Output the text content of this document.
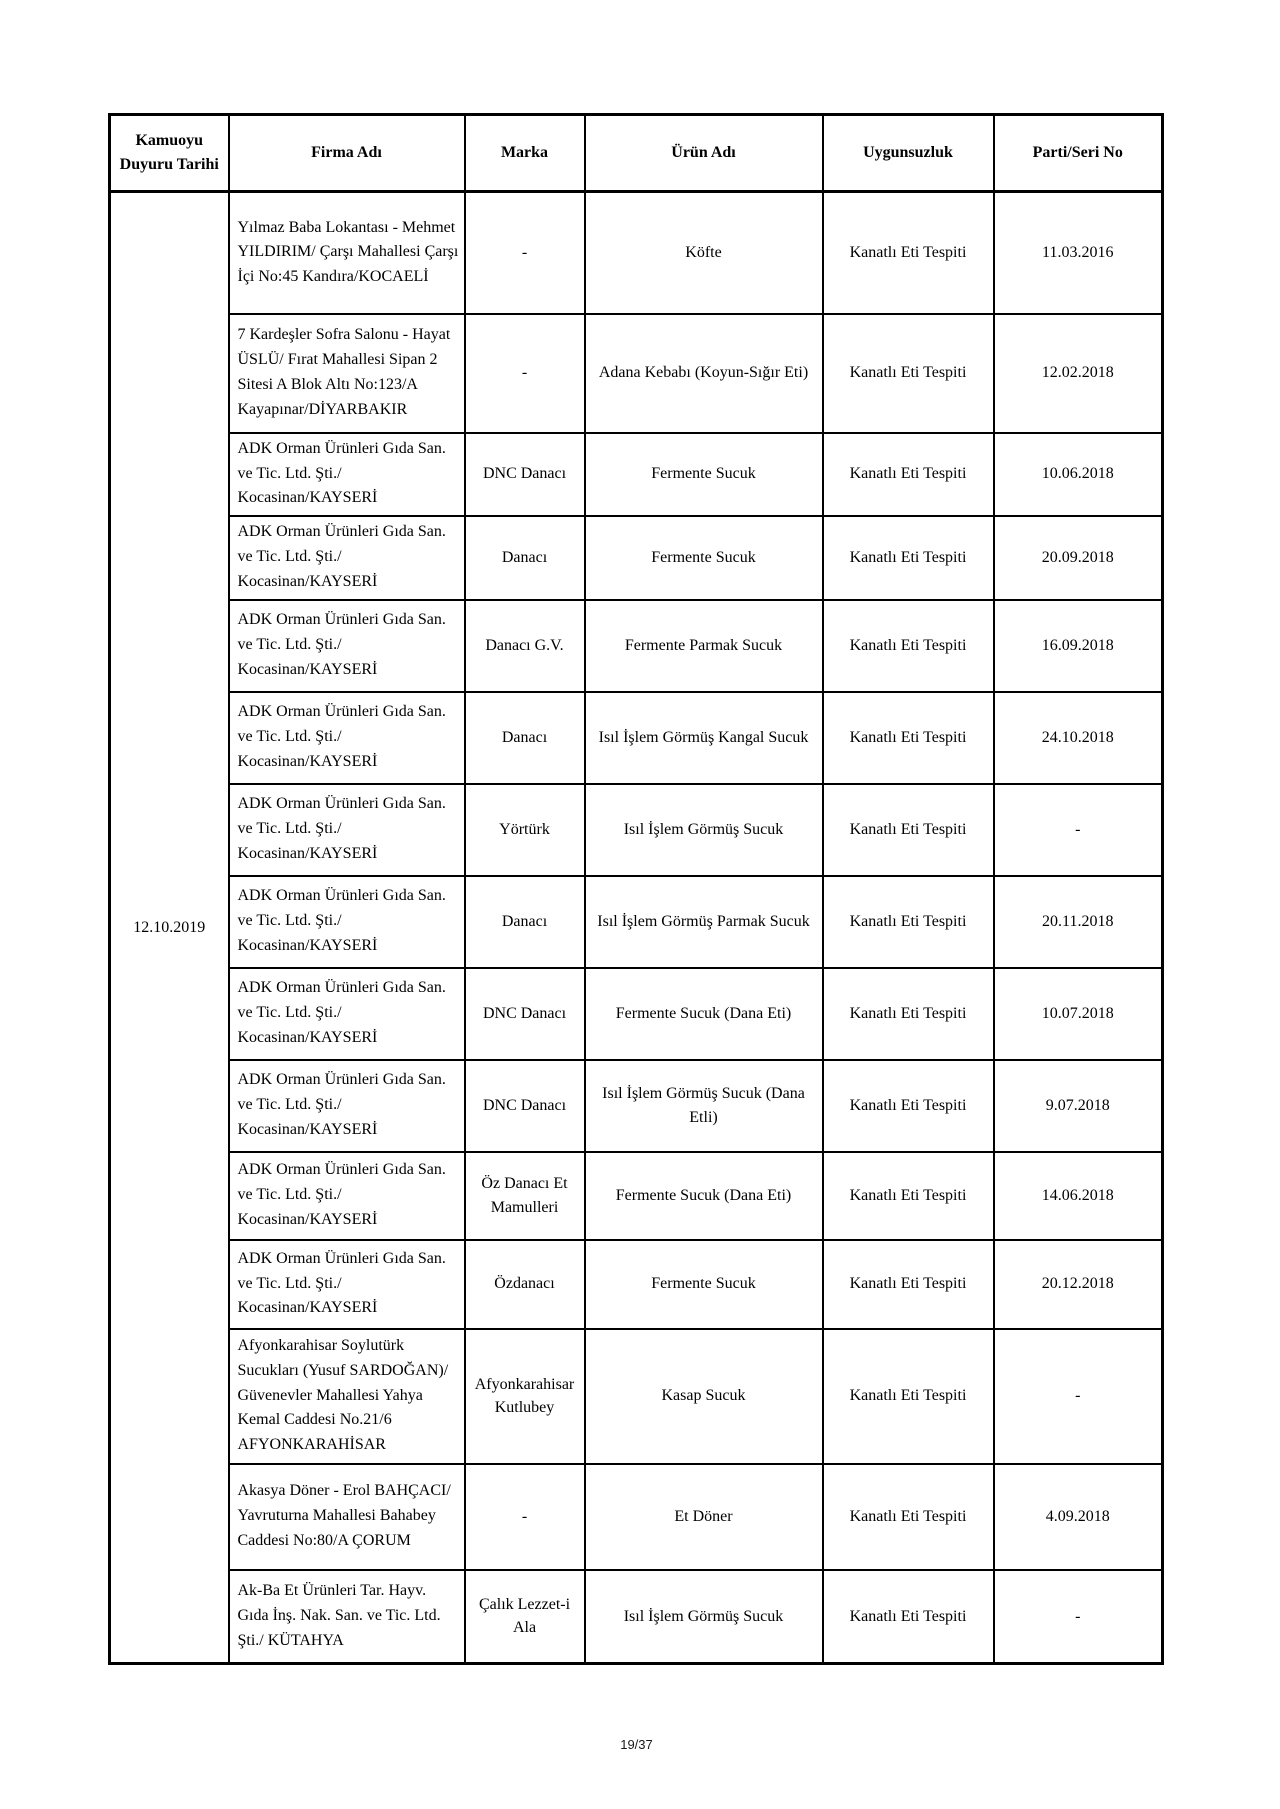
Kamuoyu Duyuru Tarihi	Firma Adı	Marka	Ürün Adı	Uygunsuzluk	Parti/Seri No
12.10.2019	Yılmaz Baba Lokantası - Mehmet YILDIRIM/ Çarşı Mahallesi Çarşı İçi No:45 Kandıra/KOCAELİ	-	Köfte	Kanatlı Eti Tespiti	11.03.2016
	7 Kardeşler Sofra Salonu - Hayat ÜSLÜ/ Fırat Mahallesi Sipan 2 Sitesi A Blok Altı No:123/A Kayapınar/DİYARBAKIR	-	Adana Kebabı (Koyun-Sığır Eti)	Kanatlı Eti Tespiti	12.02.2018
	ADK Orman Ürünleri Gıda San. ve Tic. Ltd. Şti./ Kocasinan/KAYSERİ	DNC Danacı	Fermente Sucuk	Kanatlı Eti Tespiti	10.06.2018
	ADK Orman Ürünleri Gıda San. ve Tic. Ltd. Şti./ Kocasinan/KAYSERİ	Danacı	Fermente Sucuk	Kanatlı Eti Tespiti	20.09.2018
	ADK Orman Ürünleri Gıda San. ve Tic. Ltd. Şti./ Kocasinan/KAYSERİ	Danacı G.V.	Fermente Parmak Sucuk	Kanatlı Eti Tespiti	16.09.2018
	ADK Orman Ürünleri Gıda San. ve Tic. Ltd. Şti./ Kocasinan/KAYSERİ	Danacı	Isıl İşlem Görmüş Kangal Sucuk	Kanatlı Eti Tespiti	24.10.2018
	ADK Orman Ürünleri Gıda San. ve Tic. Ltd. Şti./ Kocasinan/KAYSERİ	Yörtürk	Isıl İşlem Görmüş Sucuk	Kanatlı Eti Tespiti	-
	ADK Orman Ürünleri Gıda San. ve Tic. Ltd. Şti./ Kocasinan/KAYSERİ	Danacı	Isıl İşlem Görmüş Parmak Sucuk	Kanatlı Eti Tespiti	20.11.2018
	ADK Orman Ürünleri Gıda San. ve Tic. Ltd. Şti./ Kocasinan/KAYSERİ	DNC Danacı	Fermente Sucuk (Dana Eti)	Kanatlı Eti Tespiti	10.07.2018
	ADK Orman Ürünleri Gıda San. ve Tic. Ltd. Şti./ Kocasinan/KAYSERİ	DNC Danacı	Isıl İşlem Görmüş Sucuk (Dana Etli)	Kanatlı Eti Tespiti	9.07.2018
	ADK Orman Ürünleri Gıda San. ve Tic. Ltd. Şti./ Kocasinan/KAYSERİ	Öz Danacı Et Mamulleri	Fermente Sucuk (Dana Eti)	Kanatlı Eti Tespiti	14.06.2018
	ADK Orman Ürünleri Gıda San. ve Tic. Ltd. Şti./ Kocasinan/KAYSERİ	Özdanacı	Fermente Sucuk	Kanatlı Eti Tespiti	20.12.2018
	Afyonkarahisar Soylutürk Sucukları (Yusuf SARDOĞAN)/ Güvenevler Mahallesi Yahya Kemal Caddesi No.21/6 AFYONKARAHİSAR	Afyonkarahisar Kutlubey	Kasap Sucuk	Kanatlı Eti Tespiti	-
	Akasya Döner - Erol BAHÇACI/ Yavruturna Mahallesi Bahabey Caddesi No:80/A ÇORUM	-	Et Döner	Kanatlı Eti Tespiti	4.09.2018
	Ak-Ba Et Ürünleri Tar. Hayv. Gıda İnş. Nak. San. ve Tic. Ltd. Şti./ KÜTAHYA	Çalık Lezzet-i Ala	Isıl İşlem Görmüş Sucuk	Kanatlı Eti Tespiti	-
19/37
